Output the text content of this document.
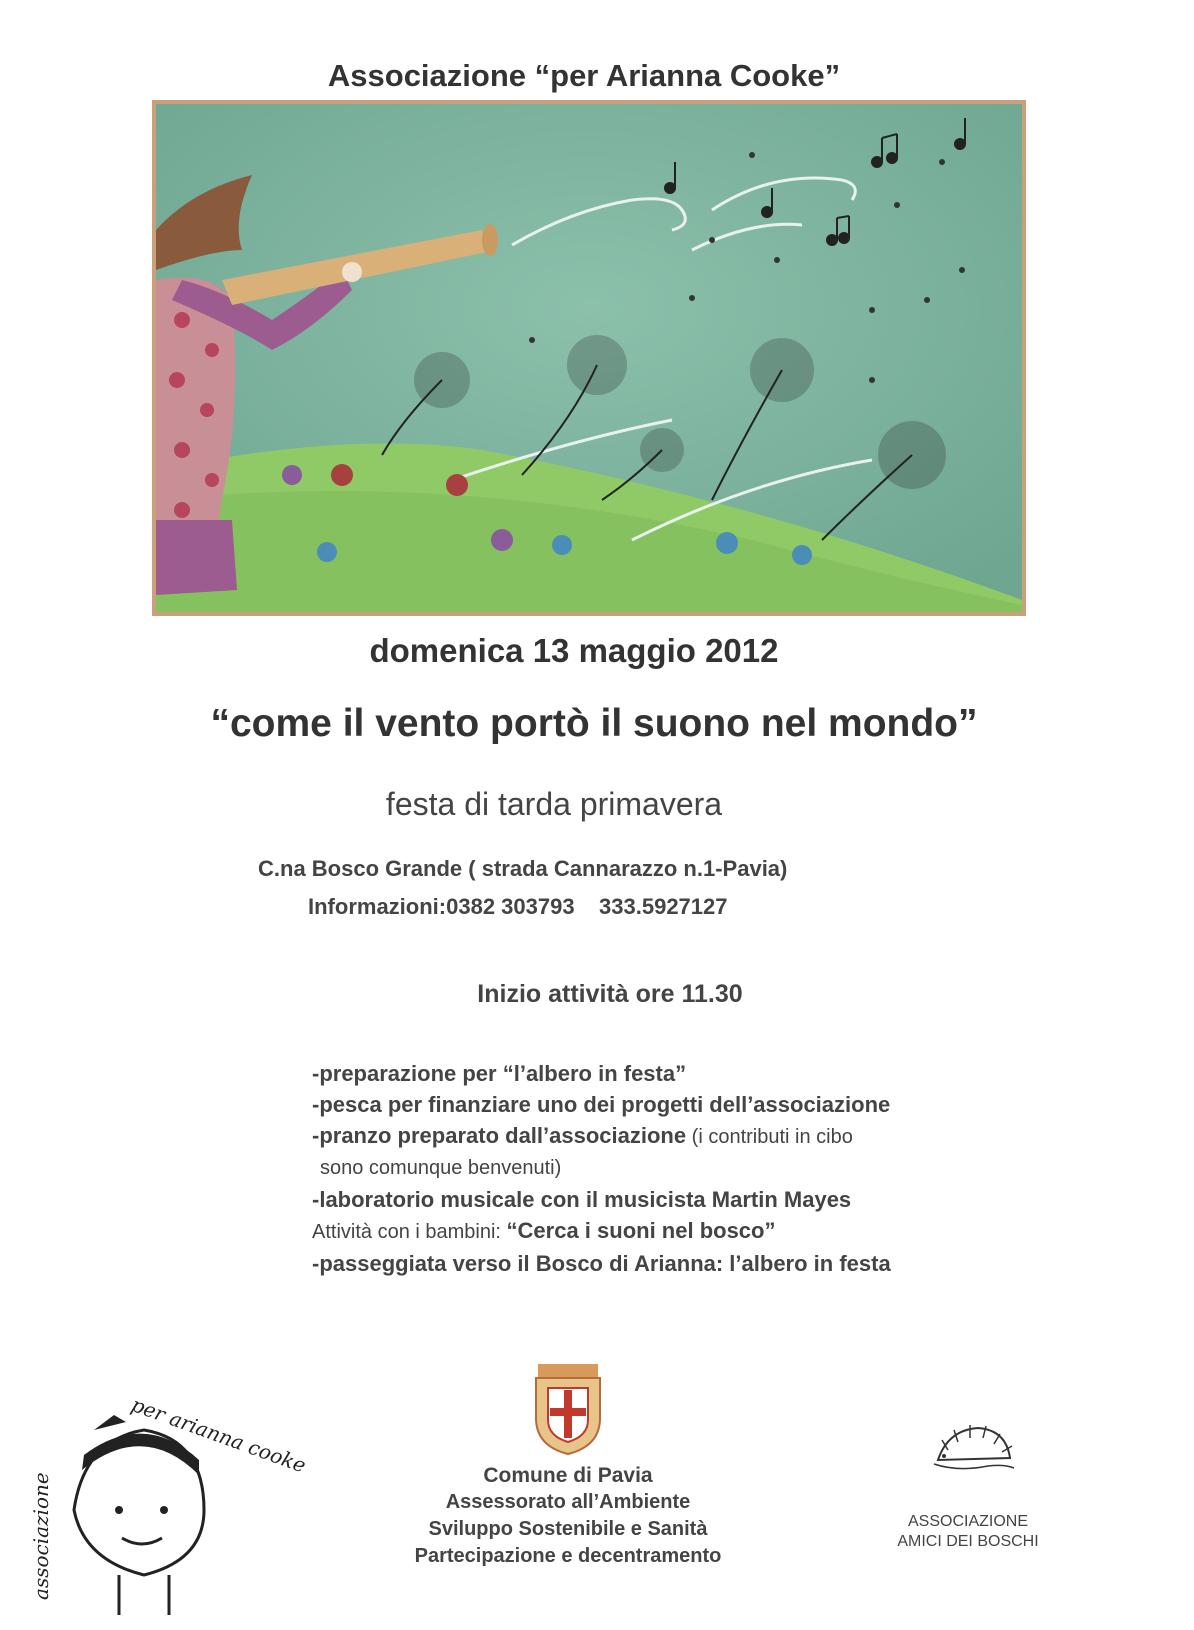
Associazione “per Arianna Cooke”
domenica 13 maggio 2012
“come il vento portò il suono nel mondo”
festa di tarda primavera
C.na Bosco Grande ( strada Cannarazzo n.1-Pavia)
Informazioni:0382 303793 333.5927127
Inizio attività ore 11.30
-preparazione per “l’albero in festa”
-pesca per finanziare uno dei progetti dell’associazione
-pranzo preparato dall’associazione (i contributi in cibo
sono comunque benvenuti)
-laboratorio musicale con il musicista Martin Mayes
Attività con i bambini: “Cerca i suoni nel bosco”
-passeggiata verso il Bosco di Arianna: l’albero in festa
associazione
per arianna cooke	Comune di Pavia
Assessorato all’Ambiente
Sviluppo Sostenibile e Sanità
Partecipazione e decentramento
ASSOCIAZIONE
AMICI DEI BOSCHI
